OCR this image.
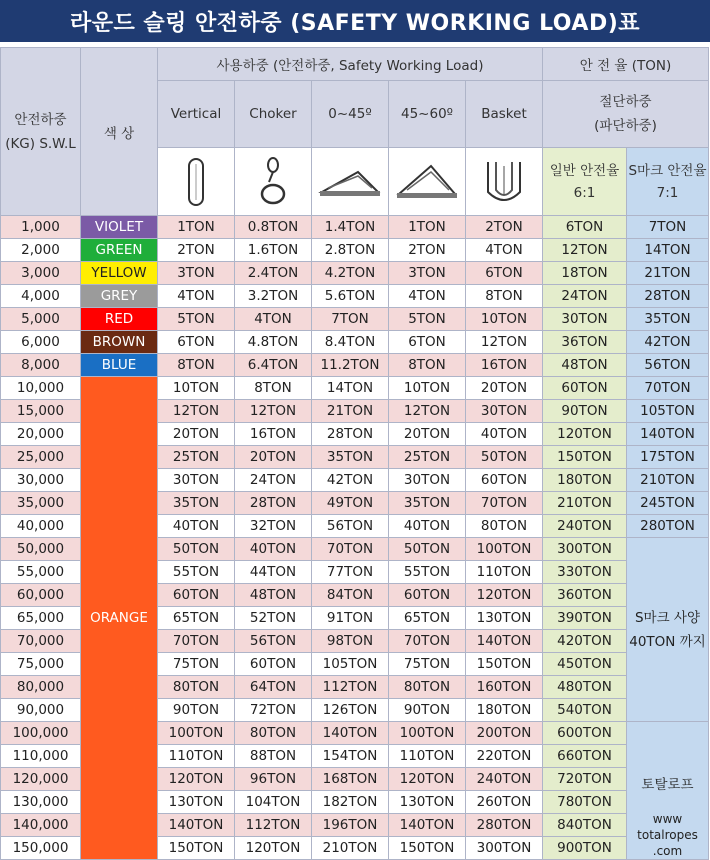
라운드 슬링 안전하중 (SAFETY WORKING LOAD)표
안전하중 (KG) S.W.L	색 상	사용하중 (안전하중, Safety Working Load)					안 전 율 (TON)	
		Vertical	Choker	0~45º	45~60º	Basket	절단하중
(파단하중)	

	일반 안전율 6:1	S마크 안전율 7:1
1,000	VIOLET	1TON	0.8TON	1.4TON	1TON	2TON	6TON	7TON
2,000	GREEN	2TON	1.6TON	2.8TON	2TON	4TON	12TON	14TON
3,000	YELLOW	3TON	2.4TON	4.2TON	3TON	6TON	18TON	21TON
4,000	GREY	4TON	3.2TON	5.6TON	4TON	8TON	24TON	28TON
5,000	RED	5TON	4TON	7TON	5TON	10TON	30TON	35TON
6,000	BROWN	6TON	4.8TON	8.4TON	6TON	12TON	36TON	42TON
8,000	BLUE	8TON	6.4TON	11.2TON	8TON	16TON	48TON	56TON
10,000	ORANGE	10TON	8TON	14TON	10TON	20TON	60TON	70TON
15,000		12TON	12TON	21TON	12TON	30TON	90TON	105TON
20,000		20TON	16TON	28TON	20TON	40TON	120TON	140TON
25,000		25TON	20TON	35TON	25TON	50TON	150TON	175TON
30,000		30TON	24TON	42TON	30TON	60TON	180TON	210TON
35,000		35TON	28TON	49TON	35TON	70TON	210TON	245TON
40,000		40TON	32TON	56TON	40TON	80TON	240TON	280TON
50,000		50TON	40TON	70TON	50TON	100TON	300TON	S마크 사양 40TON 까지
55,000		55TON	44TON	77TON	55TON	110TON	330TON	
60,000		60TON	48TON	84TON	60TON	120TON	360TON	
65,000		65TON	52TON	91TON	65TON	130TON	390TON	
70,000		70TON	56TON	98TON	70TON	140TON	420TON	
75,000		75TON	60TON	105TON	75TON	150TON	450TON	
80,000		80TON	64TON	112TON	80TON	160TON	480TON	
90,000		90TON	72TON	126TON	90TON	180TON	540TON	
100,000		100TON	80TON	140TON	100TON	200TON	600TON	토탈로프
www
totalropes
.com

110,000		110TON	88TON	154TON	110TON	220TON	660TON	
120,000		120TON	96TON	168TON	120TON	240TON	720TON	
130,000		130TON	104TON	182TON	130TON	260TON	780TON	
140,000		140TON	112TON	196TON	140TON	280TON	840TON	
150,000		150TON	120TON	210TON	150TON	300TON	900TON	
